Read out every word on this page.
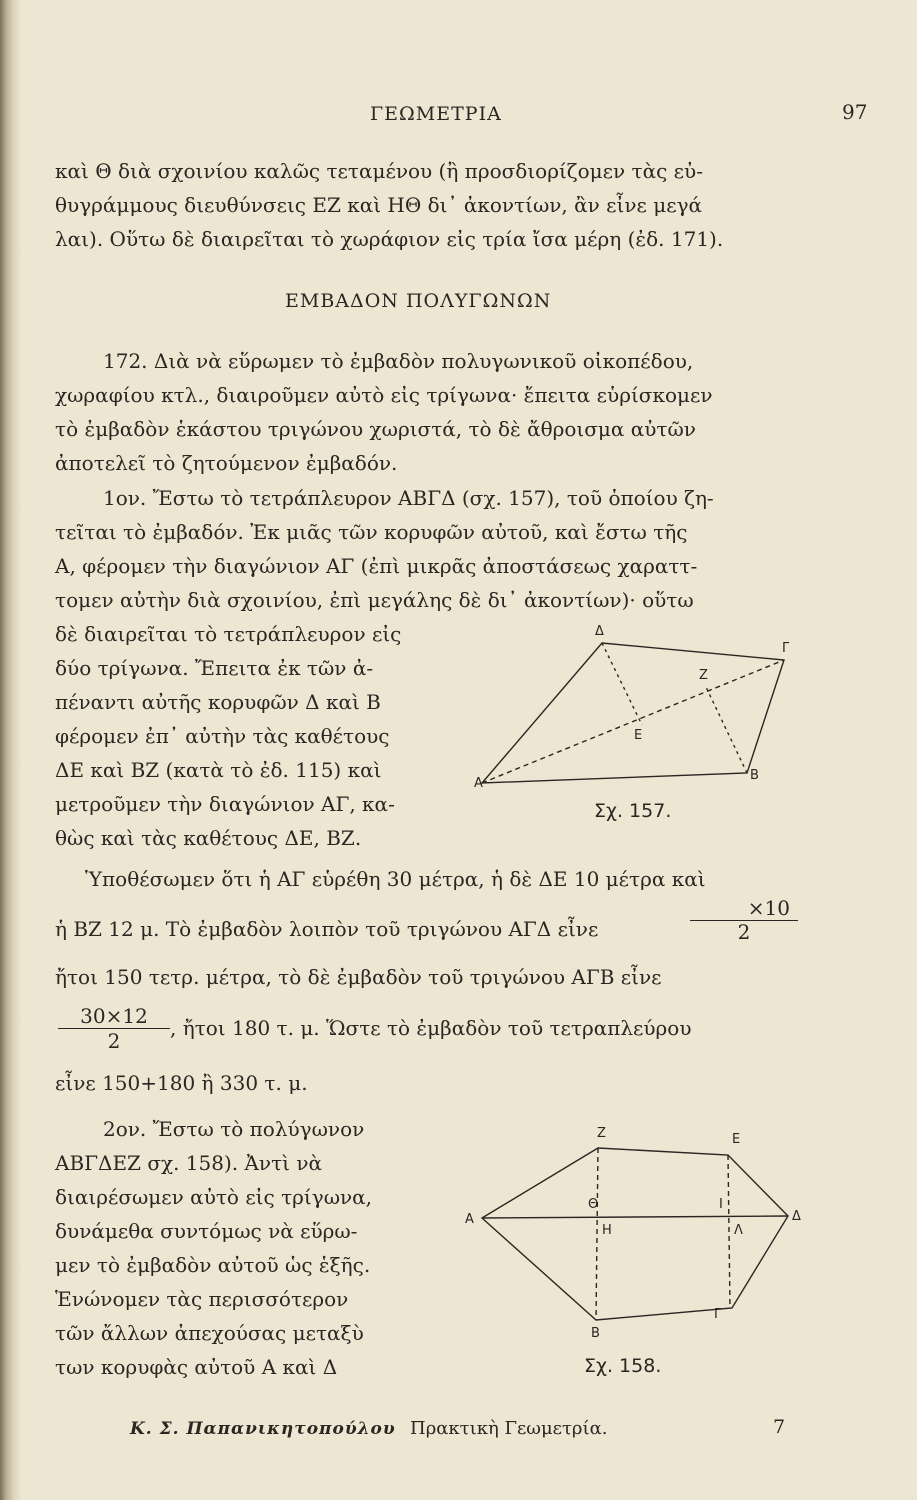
ΓΕΩΜΕΤΡΙΑ	97
καὶ Θ διὰ σχοινίου καλῶς τεταμένου (ἢ προσδιορίζομεν τὰς εὐ-
θυγράμμους διευθύνσεις ΕΖ καὶ ΗΘ δι᾽ ἀκοντίων, ἂν εἶνε μεγά
λαι). Οὕτω δὲ διαιρεῖται τὸ χωράφιον εἰς τρία ἴσα μέρη (ἐδ. 171).
ΕΜΒΑΔΟΝ ΠΟΛΥΓΩΝΩΝ
172. Διὰ νὰ εὕρωμεν τὸ ἐμβαδὸν πολυγωνικοῦ οἰκοπέδου,
χωραφίου κτλ., διαιροῦμεν αὐτὸ εἰς τρίγωνα· ἔπειτα εὑρίσκομεν
τὸ ἐμβαδὸν ἑκάστου τριγώνου χωριστά, τὸ δὲ ἄθροισμα αὐτῶν
ἀποτελεῖ τὸ ζητούμενον ἐμβαδόν.
1ον. Ἔστω τὸ τετράπλευρον ΑΒΓΔ (σχ. 157), τοῦ ὁποίου ζη-
τεῖται τὸ ἐμβαδόν. Ἐκ μιᾶς τῶν κορυφῶν αὐτοῦ, καὶ ἔστω τῆς
Α, φέρομεν τὴν διαγώνιον ΑΓ (ἐπὶ μικρᾶς ἀποστάσεως χαραττ-
τομεν αὐτὴν διὰ σχοινίου, ἐπὶ μεγάλης δὲ δι᾽ ἀκοντίων)· οὕτω
δὲ διαιρεῖται τὸ τετράπλευρον εἰς
δύο τρίγωνα. Ἔπειτα ἐκ τῶν ἀ-
πέναντι αὐτῆς κορυφῶν Δ καὶ Β
φέρομεν ἐπ᾽ αὐτὴν τὰς καθέτους
ΔΕ καὶ ΒΖ (κατὰ τὸ ἐδ. 115) καὶ
μετροῦμεν τὴν διαγώνιον ΑΓ, κα-
θὼς καὶ τὰς καθέτους ΔΕ, ΒΖ.
Δ
Γ
Ζ
Ε
Α
Β
Σχ. 157.
Ὑποθέσωμεν ὅτι ἡ ΑΓ εὑρέθη 30 μέτρα, ἡ δὲ ΔΕ 10 μέτρα καὶ
ἡ ΒΖ 12 μ. Τὸ ἐμβαδὸν λοιπὸν τοῦ τριγώνου ΑΓΔ εἶνε	$\frac{\times 10}{2}$
ἤτοι 150 τετρ. μέτρα, τὸ δὲ ἐμβαδὸν τοῦ τριγώνου ΑΓΒ εἶνε
$\frac{30\times 12}{2}$ , ἤτοι 180 τ. μ. Ὥστε τὸ ἐμβαδὸν τοῦ τετραπλεύρου
εἶνε 150+180 ἢ 330 τ. μ.
2ον. Ἔστω τὸ πολύγωνον
ΑΒΓΔΕΖ σχ. 158). Ἀντὶ νὰ
διαιρέσωμεν αὐτὸ εἰς τρίγωνα,
δυνάμεθα συντόμως νὰ εὕρω-
μεν τὸ ἐμβαδὸν αὐτοῦ ὡς ἑξῆς.
Ἑνώνομεν τὰς περισσότερον
τῶν ἄλλων ἀπεχούσας μεταξὺ
των κορυφὰς αὐτοῦ Α καὶ Δ
Ζ	Ε
Α	Δ
Θ	Ι
Η	Λ
Β
Γ
Σχ. 158.
Κ. Σ. Παπανικητοπούλου Πρακτικὴ Γεωμετρία.	7
